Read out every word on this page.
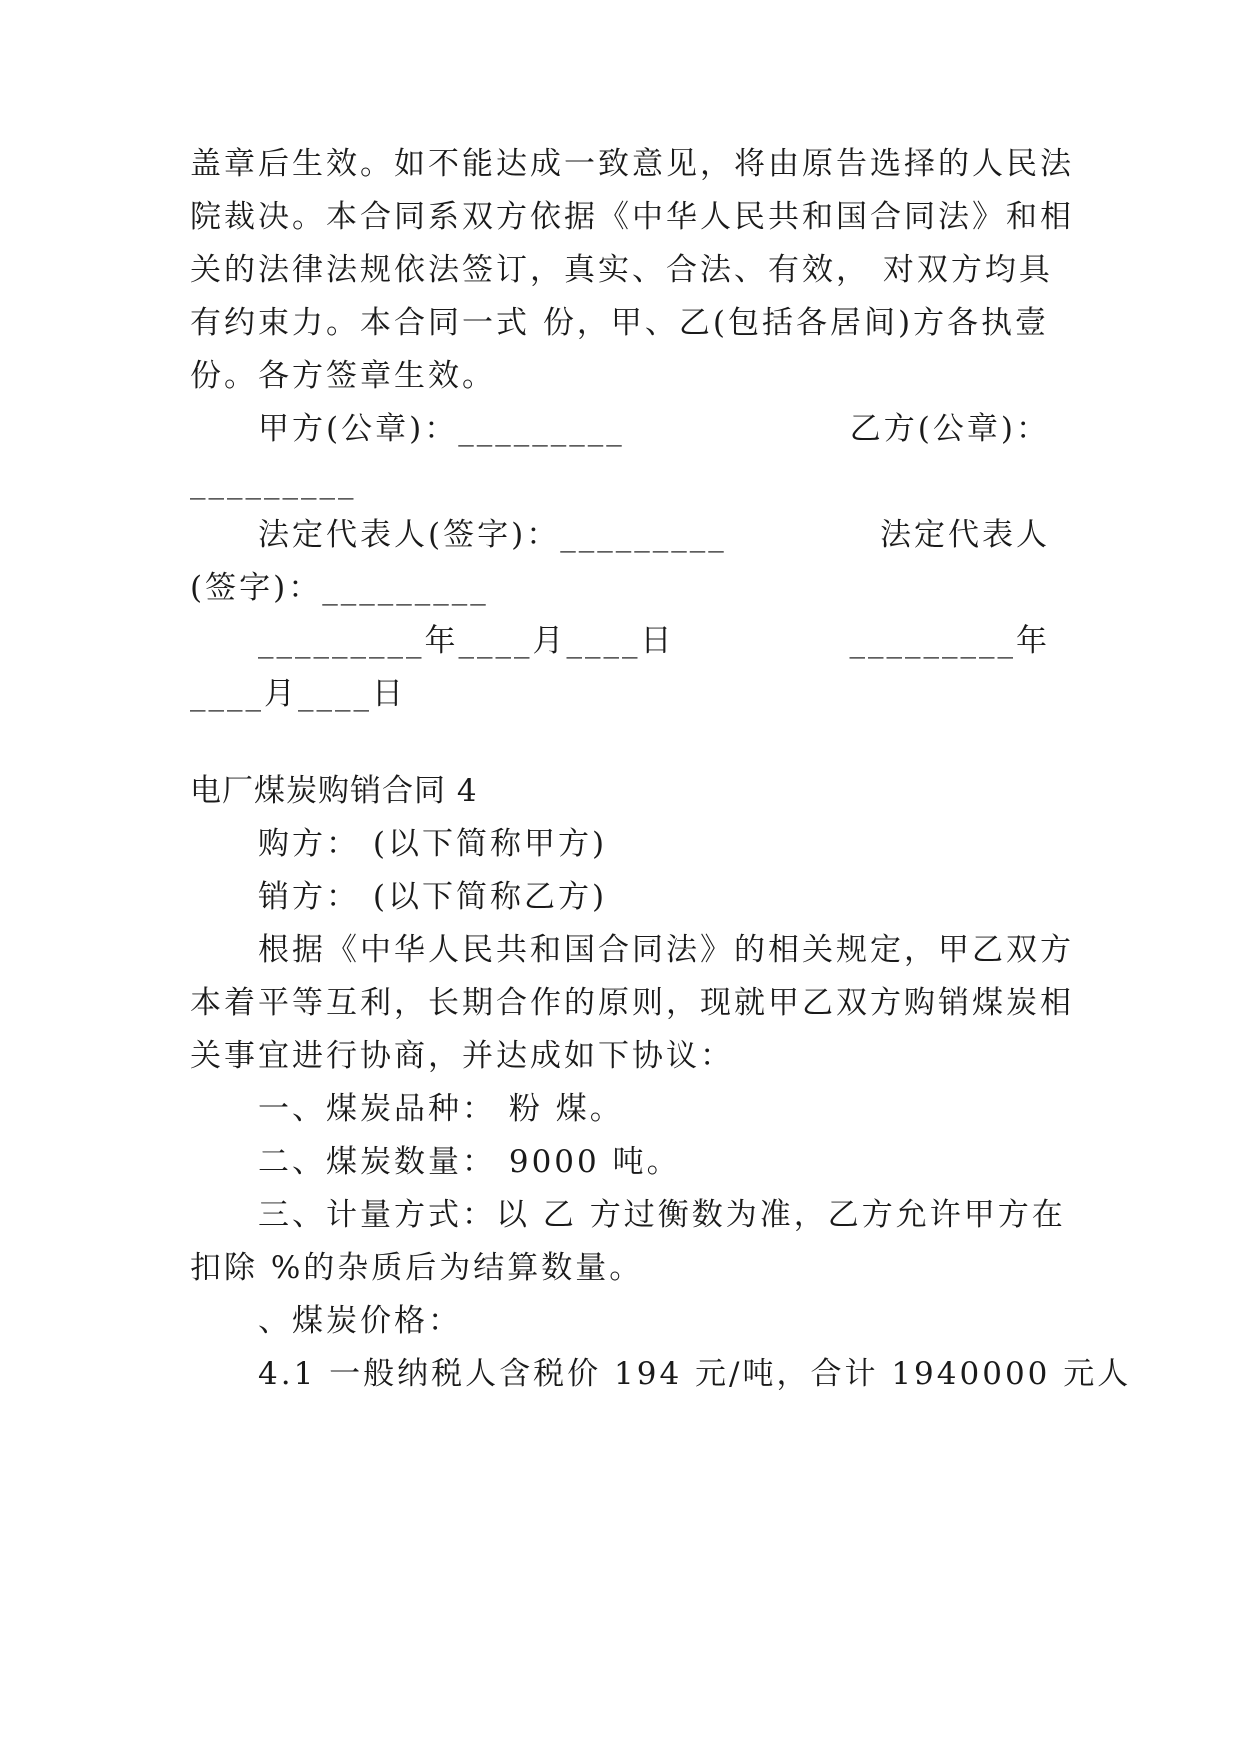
盖章后生效。如不能达成一致意见，将由原告选择的人民法
院裁决。本合同系双方依据《中华人民共和国合同法》和相
关的法律法规依法签订，真实、合法、有效， 对双方均具
有约束力。本合同一式 份，甲、乙(包括各居间)方各执壹
份。各方签章生效。
甲方(公章)：_________	乙方(公章)：
_________
法定代表人(签字)：_________	法定代表人
(签字)：_________
_________年____月____日	_________年
____月____日
电厂煤炭购销合同 4
购方： (以下简称甲方)
销方： (以下简称乙方)
根据《中华人民共和国合同法》的相关规定，甲乙双方
本着平等互利，长期合作的原则，现就甲乙双方购销煤炭相
关事宜进行协商，并达成如下协议：
一、煤炭品种： 粉 煤。
二、煤炭数量： 9000 吨。
三、计量方式：以 乙 方过衡数为准，乙方允许甲方在
扣除 %的杂质后为结算数量。
、煤炭价格：
4.1 一般纳税人含税价 194 元/吨，合计 1940000 元人
